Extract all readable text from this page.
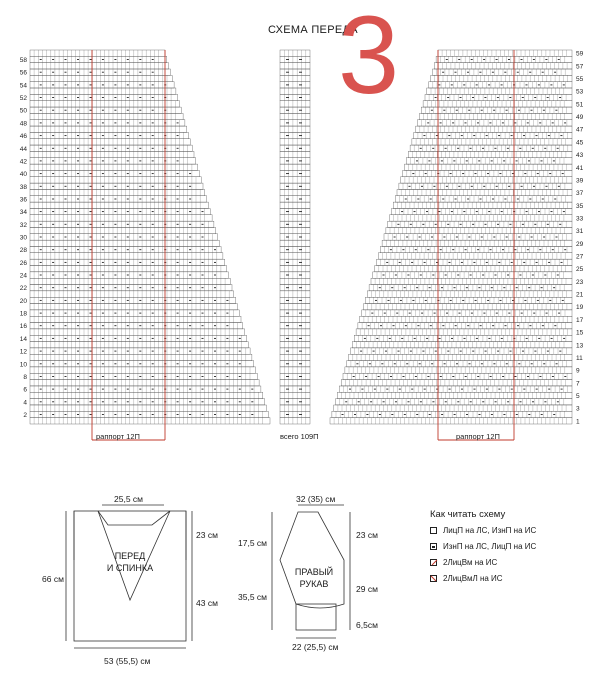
СХЕМА ПЕРЕДА
3
2
4
6
8
10
12
14
16
18
20
22
24
26
28
30
32
34
36
38
40
42
44
46
48
50
52
54
56
58
1
3
5
7
9
11
13
15
17
19
21
23
25
27
29
31
33
35
37
39
41
43
45
47
49
51
53
55
57
59
раппорт 12П	всего 109П	раппорт 12П
ПЕРЕД
И СПИНКА
25,5 см
23 см
43 см
66 см
53 (55,5) см
ПРАВЫЙ
РУКАВ
32 (35) см
17,5 см
35,5 см
23 см
29 см
6,5см
22 (25,5) см
Как читать схему
ЛицП на ЛС, ИзнП на ИС
ИзнП на ЛС, ЛицП на ИС
2ЛицВм на ИС
2ЛицВмЛ на ИС
